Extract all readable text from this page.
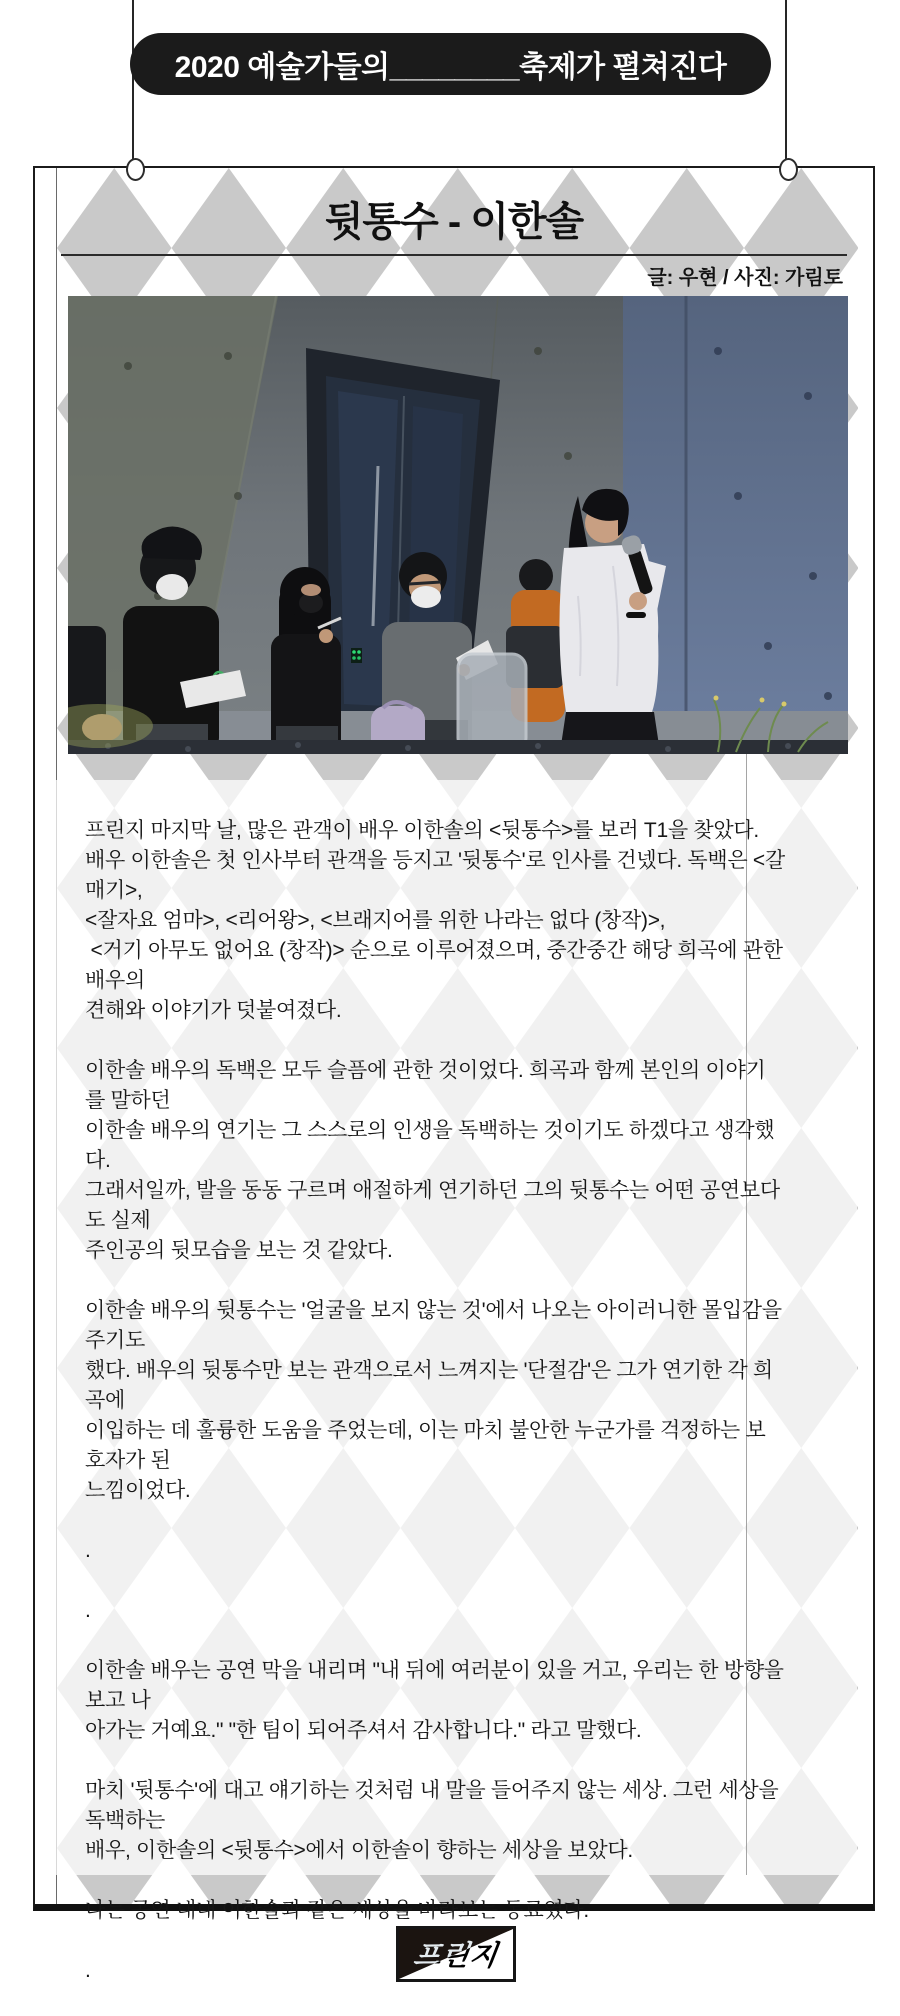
2020 예술가들의________축제가 펼쳐진다
뒷통수 - 이한솔
글: 우현 / 사진: 가림토

프린지 마지막 날, 많은 관객이 배우 이한솔의 <뒷통수>를 보러 T1을 찾았다.
배우 이한솔은 첫 인사부터 관객을 등지고 '뒷통수'로 인사를 건넸다. 독백은 <갈매기>,
<잘자요 엄마>, <리어왕>, <브래지어를 위한 나라는 없다 (창작)>,
<거기 아무도 없어요 (창작)> 순으로 이루어졌으며, 중간중간 해당 희곡에 관한 배우의
견해와 이야기가 덧붙여졌다.

이한솔 배우의 독백은 모두 슬픔에 관한 것이었다. 희곡과 함께 본인의 이야기를 말하던
이한솔 배우의 연기는 그 스스로의 인생을 독백하는 것이기도 하겠다고 생각했다.
그래서일까, 발을 동동 구르며 애절하게 연기하던 그의 뒷통수는 어떤 공연보다도 실제
주인공의 뒷모습을 보는 것 같았다.

이한솔 배우의 뒷통수는 '얼굴을 보지 않는 것'에서 나오는 아이러니한 몰입감을 주기도
했다. 배우의 뒷통수만 보는 관객으로서 느껴지는 '단절감'은 그가 연기한 각 희곡에
이입하는 데 훌륭한 도움을 주었는데, 이는 마치 불안한 누군가를 걱정하는 보호자가 된
느낌이었다.

.

.

이한솔 배우는 공연 막을 내리며 "내 뒤에 여러분이 있을 거고, 우리는 한 방향을 보고 나
아가는 거예요." "한 팀이 되어주셔서 감사합니다." 라고 말했다.

마치 '뒷통수'에 대고 얘기하는 것처럼 내 말을 들어주지 않는 세상. 그런 세상을 독백하는
배우, 이한솔의 <뒷통수>에서 이한솔이 향하는 세상을 보았다.

나는 공연 내내 이한솔과 같은 세상을 바라보는 동료였다.

.	프린지
